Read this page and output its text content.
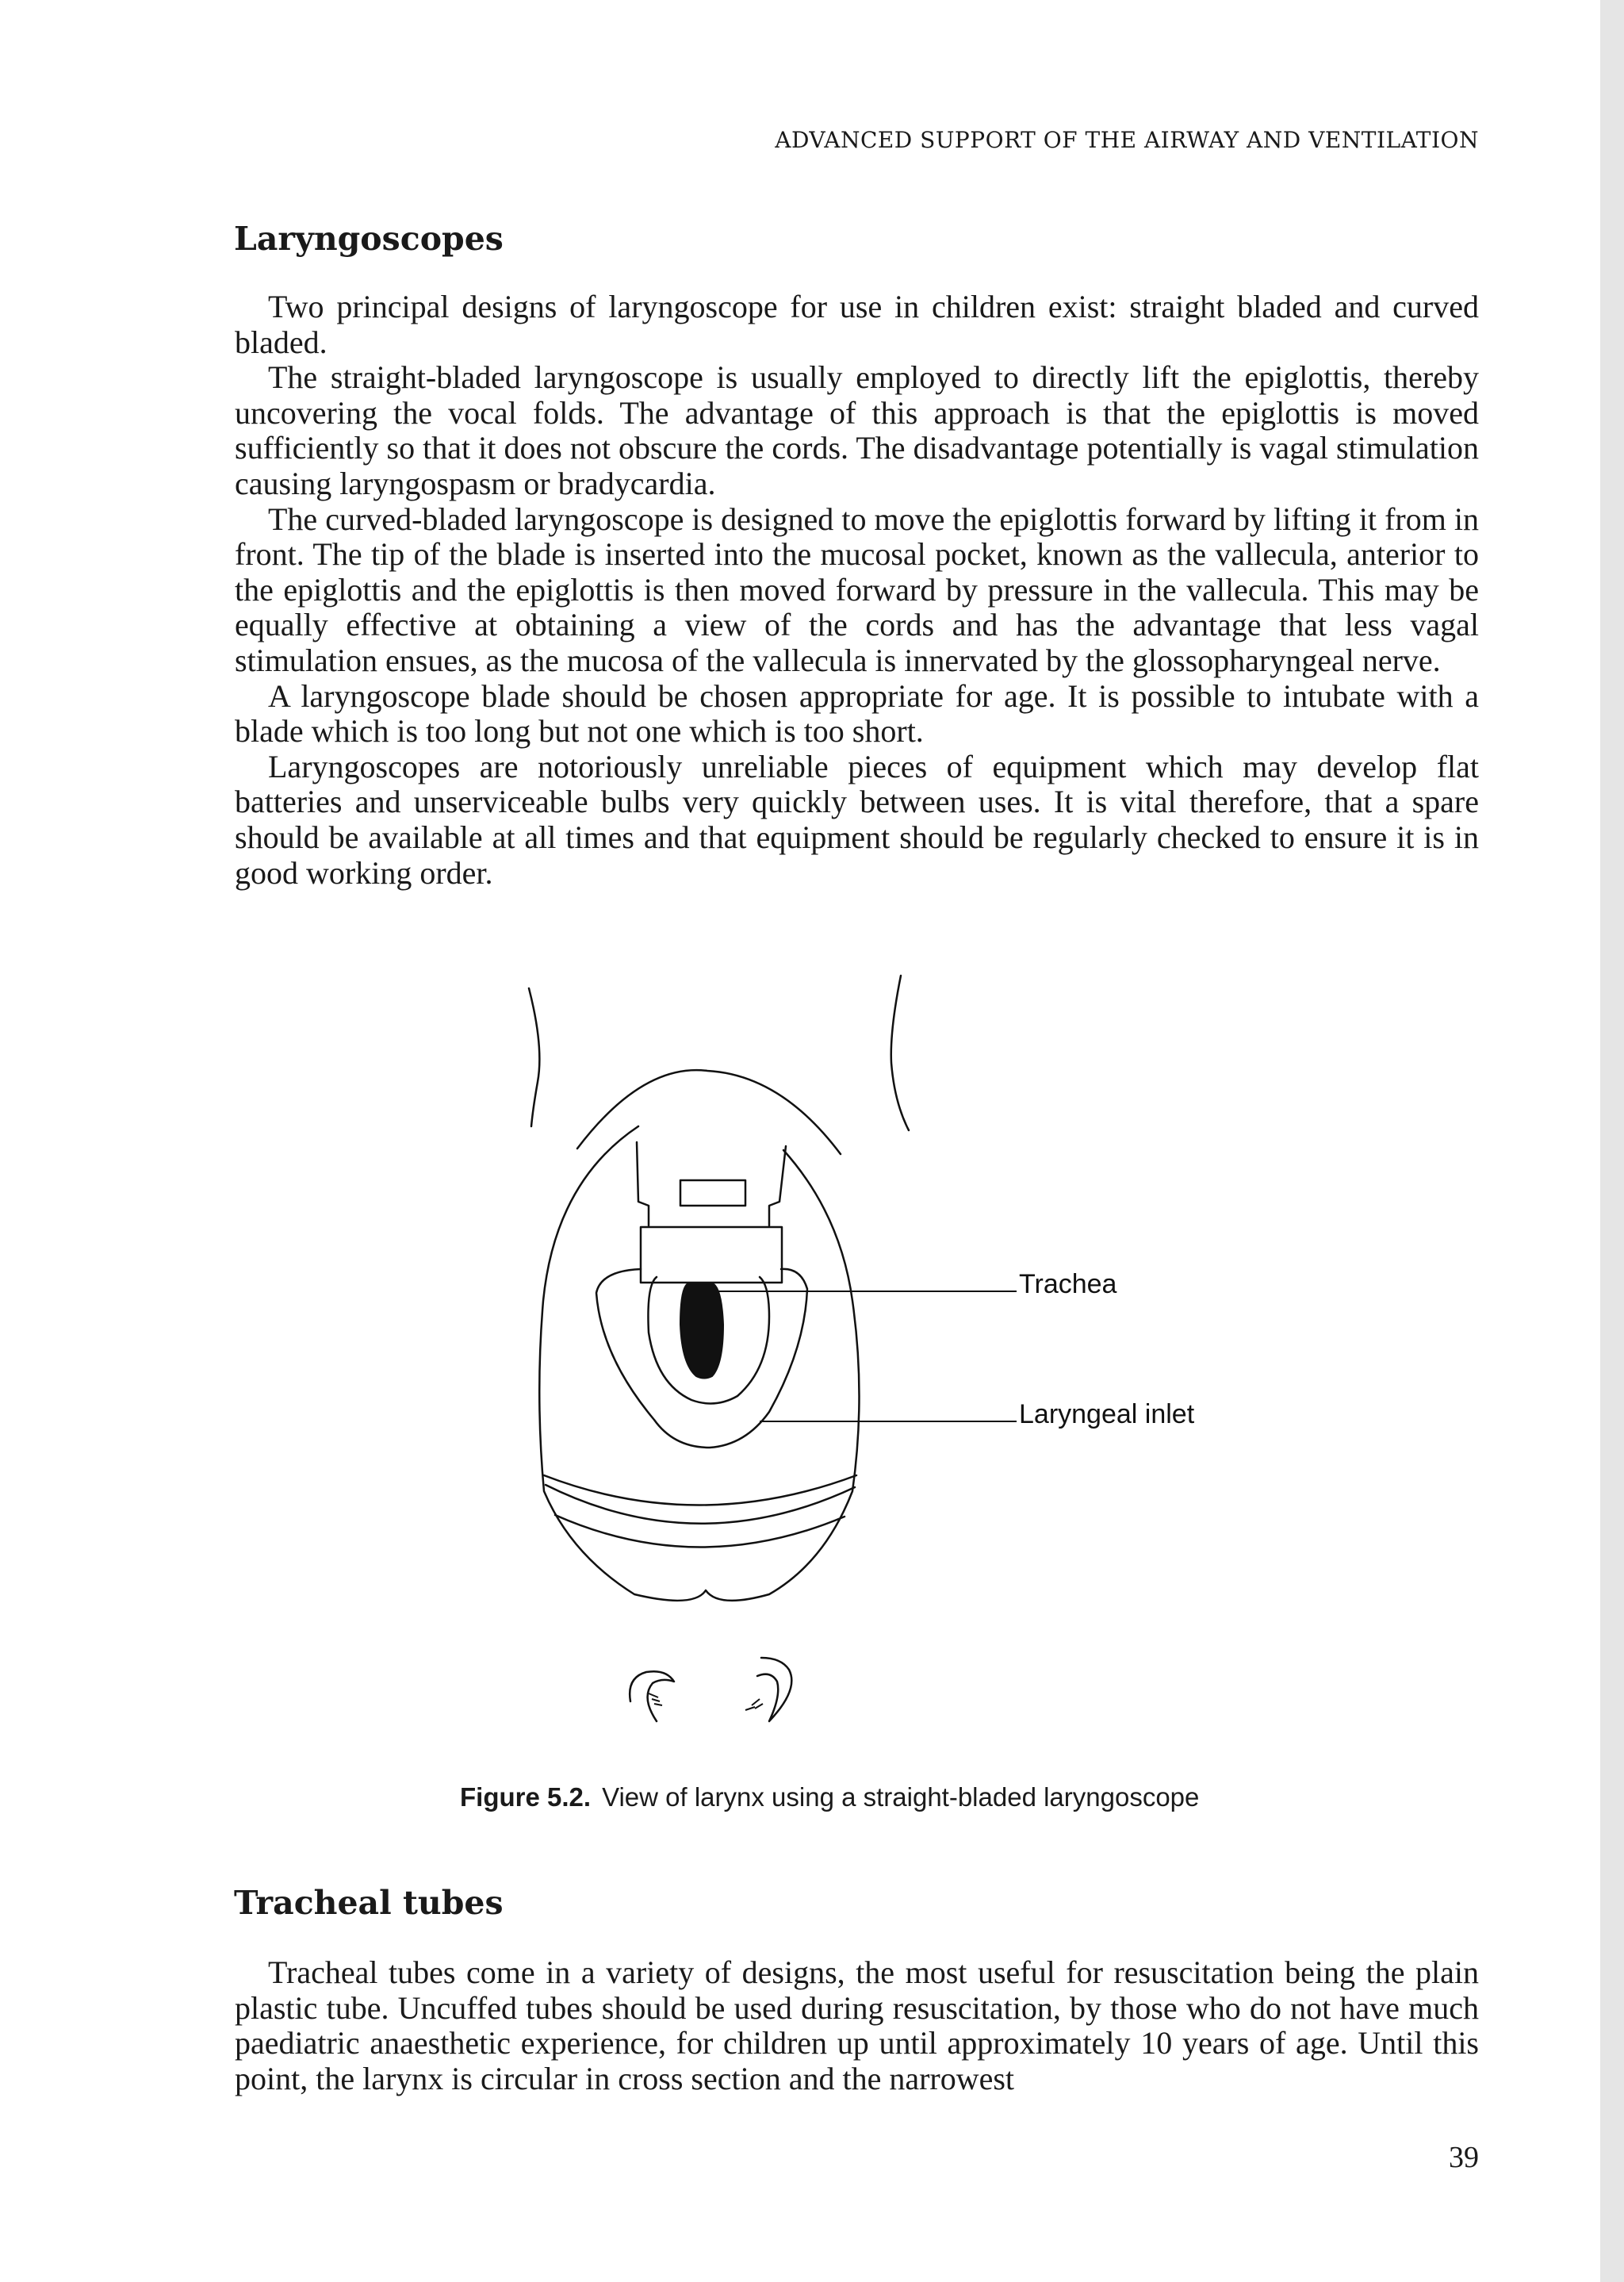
ADVANCED SUPPORT OF THE AIRWAY AND VENTILATION
Laryngoscopes

Two principal designs of laryngoscope for use in children exist: straight bladed and curved bladed.

The straight-bladed laryngoscope is usually employed to directly lift the epiglottis, thereby uncovering the vocal folds. The advantage of this approach is that the epiglottis is moved sufficiently so that it does not obscure the cords. The disadvantage potentially is vagal stimulation causing laryngospasm or bradycardia.

The curved-bladed laryngoscope is designed to move the epiglottis forward by lifting it from in front. The tip of the blade is inserted into the mucosal pocket, known as the vallecula, anterior to the epiglottis and the epiglottis is then moved forward by pressure in the vallecula. This may be equally effective at obtaining a view of the cords and has the advantage that less vagal stimulation ensues, as the mucosa of the vallecula is innervated by the glossopharyngeal nerve.

A laryngoscope blade should be chosen appropriate for age. It is possible to intubate with a blade which is too long but not one which is too short.

Laryngoscopes are notoriously unreliable pieces of equipment which may develop flat batteries and unserviceable bulbs very quickly between uses. It is vital therefore, that a spare should be available at all times and that equipment should be regularly checked to ensure it is in good working order.

Trachea
Laryngeal inlet
Figure 5.2. View of larynx using a straight-bladed laryngoscope
Tracheal tubes

Tracheal tubes come in a variety of designs, the most useful for resuscitation being the plain plastic tube. Uncuffed tubes should be used during resuscitation, by those who do not have much paediatric anaesthetic experience, for children up until approximately 10 years of age. Until this point, the larynx is circular in cross section and the narrowest

39
